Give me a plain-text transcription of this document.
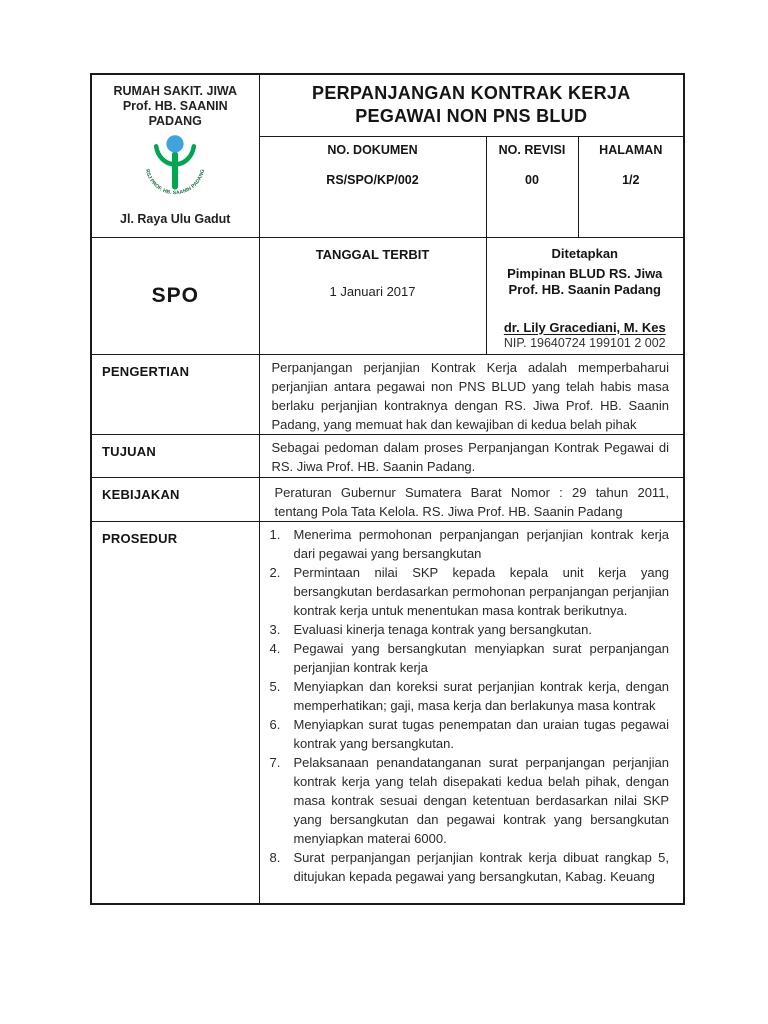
RUMAH SAKIT. JIWA
Prof. HB. SAANIN
PADANG
RSJ PROF. HB. SAANIN PADANG
Jl. Raya Ulu Gadut

PERPANJANGAN KONTRAK KERJA
PEGAWAI NON PNS BLUD

NO. DOKUMEN
RS/SPO/KP/002

NO. REVISI
00

HALAMAN
1/2

SPO

TANGGAL TERBIT
1 Januari 2017

Ditetapkan
Pimpinan BLUD RS. Jiwa
Prof. HB. Saanin Padang
dr. Lily Gracediani, M. Kes
NIP. 19640724 199101 2 002

PENGERTIAN	Perpanjangan perjanjian Kontrak Kerja adalah memperbaharui perjanjian antara pegawai non PNS BLUD yang telah habis masa berlaku perjanjian kontraknya dengan RS. Jiwa Prof. HB. Saanin Padang, yang memuat hak dan kewajiban di kedua belah pihak		
TUJUAN	Sebagai pedoman dalam proses Perpanjangan Kontrak Pegawai di RS. Jiwa Prof. HB. Saanin Padang.		
KEBIJAKAN	Peraturan Gubernur Sumatera Barat Nomor : 29 tahun 2011, tentang Pola Tata Kelola. RS. Jiwa Prof. HB. Saanin Padang		
PROSEDUR	1. Menerima permohonan perpanjangan perjanjian kontrak kerja dari pegawai yang bersangkutan
2. Permintaan nilai SKP kepada kepala unit kerja yang bersangkutan berdasarkan permohonan perpanjangan perjanjian kontrak kerja untuk menentukan masa kontrak berikutnya.
3. Evaluasi kinerja tenaga kontrak yang bersangkutan.
4. Pegawai yang bersangkutan menyiapkan surat perpanjangan perjanjian kontrak kerja
5. Menyiapkan dan koreksi surat perjanjian kontrak kerja, dengan memperhatikan; gaji, masa kerja dan berlakunya masa kontrak
6. Menyiapkan surat tugas penempatan dan uraian tugas pegawai kontrak yang bersangkutan.
7. Pelaksanaan penandatanganan surat perpanjangan perjanjian kontrak kerja yang telah disepakati kedua belah pihak, dengan masa kontrak sesuai dengan ketentuan berdasarkan nilai SKP yang bersangkutan dan pegawai kontrak yang bersangkutan menyiapkan materai 6000.
8. Surat perpanjangan perjanjian kontrak kerja dibuat rangkap 5, ditujukan kepada pegawai yang bersangkutan, Kabag. Keuang
